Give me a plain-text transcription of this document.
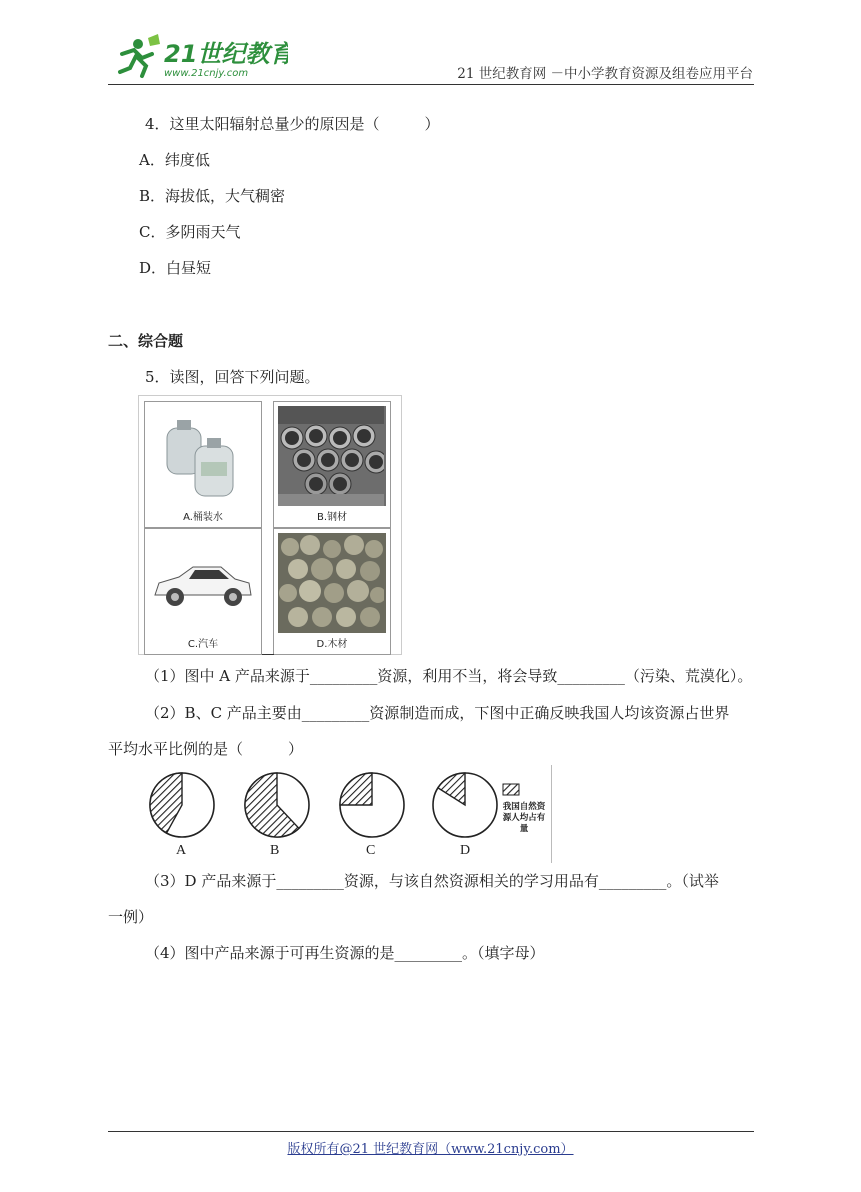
21世纪教育
www.21cnjy.com	21 世纪教育网 －中小学教育资源及组卷应用平台
4．这里太阳辐射总量少的原因是（　　　）
A．纬度低
B．海拔低，大气稠密
C．多阴雨天气
D．白昼短
二、综合题
5．读图，回答下列问题。
A.桶装水	B.钢材
C.汽车	D.木材
（1）图中 A 产品来源于_________资源，利用不当，将会导致_________（污染、荒漠化）。
（2）B、C 产品主要由_________资源制造而成，下图中正确反映我国人均该资源占世界
平均水平比例的是（　　　）
A	B	C	D
我国自然资源人均占有量
（3）D 产品来源于_________资源，与该自然资源相关的学习用品有_________。（试举
一例）
（4）图中产品来源于可再生资源的是_________。（填字母）
版权所有@21 世纪教育网（www.21cnjy.com）
